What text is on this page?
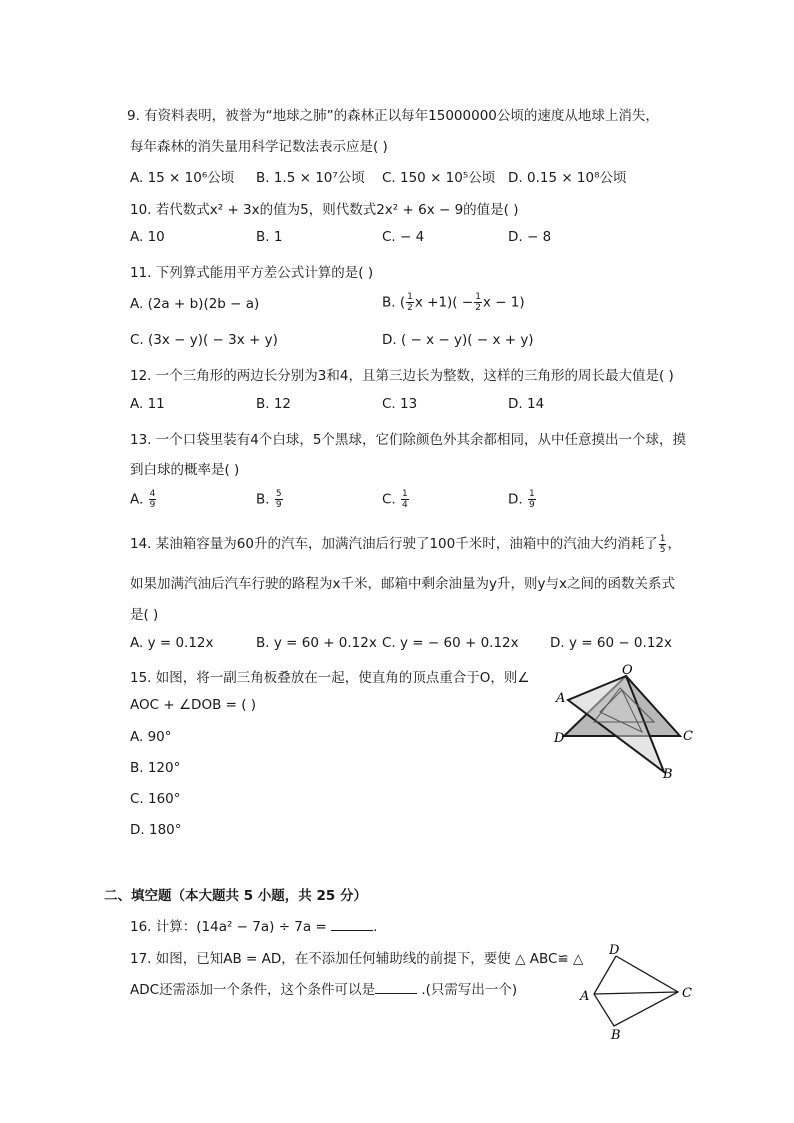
9. 有资料表明，被誉为“地球之肺”的森林正以每年15000000公顷的速度从地球上消失，
每年森林的消失量用科学记数法表示应是( )
A. 15 × 10⁶公顷 B. 1.5 × 10⁷公顷 C. 150 × 10⁵公顷 D. 0.15 × 10⁸公顷
10. 若代数式x² + 3x的值为5，则代数式2x² + 6x − 9的值是( )
A. 10	B. 1	C. − 4	D. − 8
11. 下列算式能用平方差公式计算的是( )
A. (2a + b)(2b − a)	B. ( $\frac{1}{2}$ $x +1)( - \frac{1}{2}$ x − 1)
C. (3x − y)( − 3x + y)	D. ( − x − y)( − x + y)
12. 一个三角形的两边长分别为3和4，且第三边长为整数，这样的三角形的周长最大值是( )
A. 11	B. 12	C. 13	D. 14
13. 一个口袋里装有4个白球，5个黑球，它们除颜色外其余都相同，从中任意摸出一个球，摸
到白球的概率是( )
A. $\frac{4}{9}$	B. $\frac{5}{9}$	C. $\frac{1}{4}$	D. $\frac{1}{9}$
14. 某油箱容量为60升的汽车，加满汽油后行驶了100千米时，油箱中的汽油大约消耗了 $\frac{1}{5}$ ，
如果加满汽油后汽车行驶的路程为x千米，邮箱中剩余油量为y升，则y与x之间的函数关系式
是( )
A. y = 0.12x	B. y = 60 + 0.12x C. y = − 60 + 0.12x D. y = 60 − 0.12x
15. 如图，将一副三角板叠放在一起，使直角的顶点重合于O，则∠
AOC + ∠DOB = ( )
A. 90°
B. 120°
C. 160°
D. 180°
O
A
D	C
B
二、填空题（本大题共 5 小题，共 25 分）
16. 计算：(14a² − 7a) ÷ 7a =	.
17. 如图，已知AB = AD，在不添加任何辅助线的前提下，要使 △ ABC≌ △
ADC还需添加一个条件，这个条件可以是	.(只需写出一个)
D
A	C
B
